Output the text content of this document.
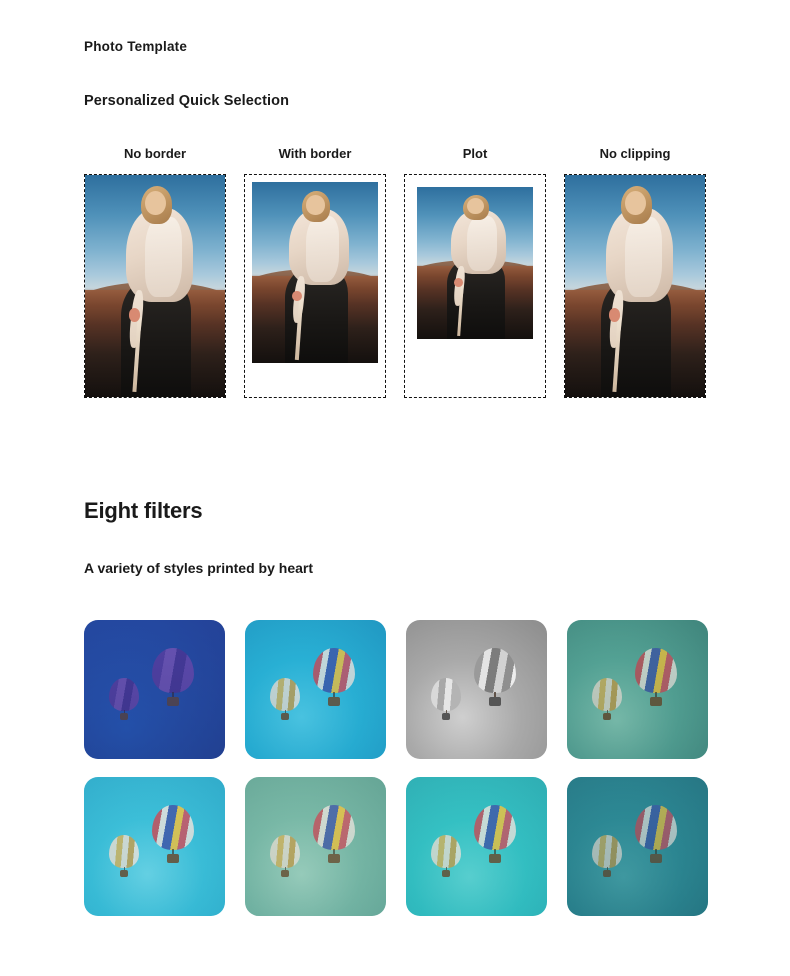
Photo Template
Personalized Quick Selection
No border	With border	Plot	No clipping
Eight filters
A variety of styles printed by heart
